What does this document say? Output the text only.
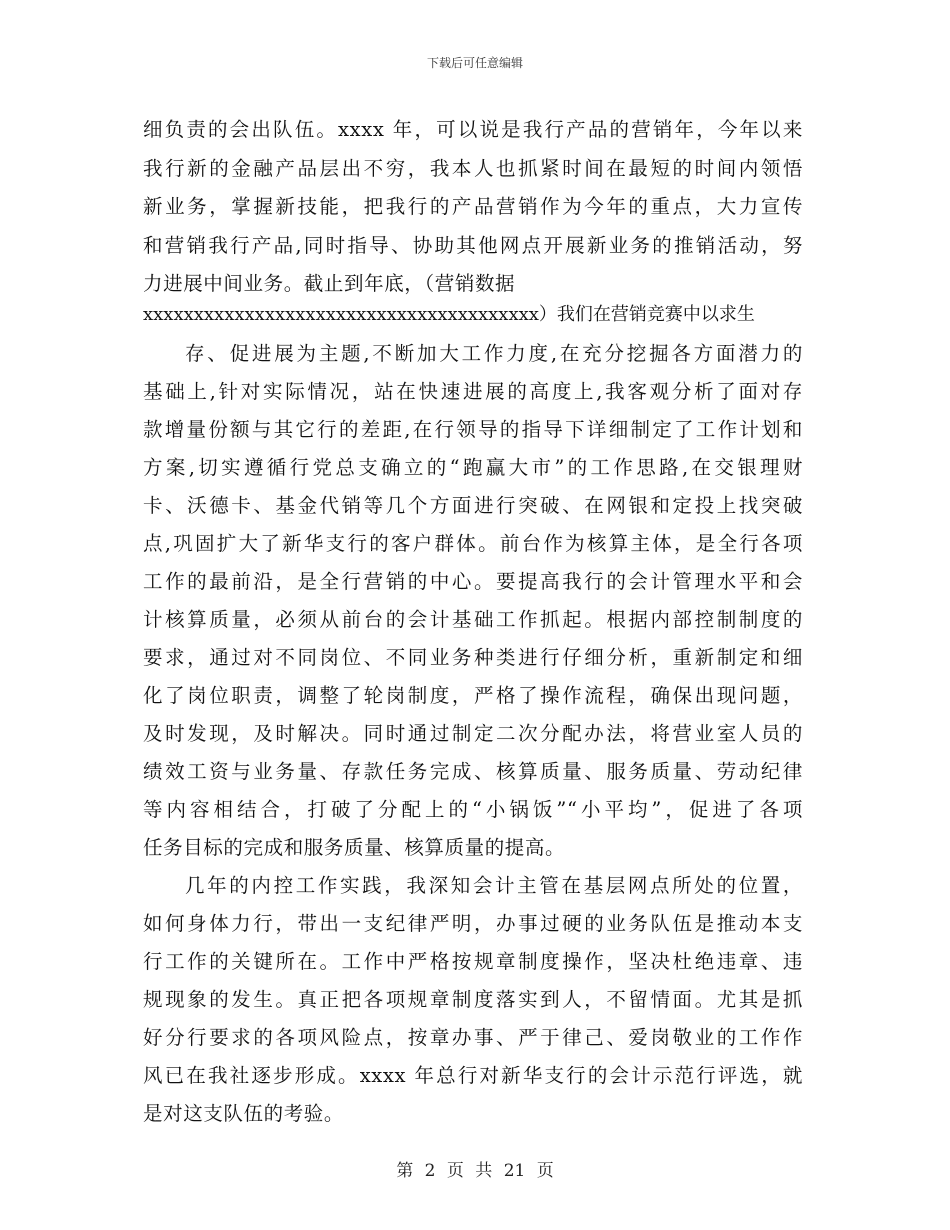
下载后可任意编辑
细负责的会出队伍。xxxx 年，可以说是我行产品的营销年，今年以来
我行新的金融产品层出不穷，我本人也抓紧时间在最短的时间内领悟
新业务，掌握新技能，把我行的产品营销作为今年的重点，大力宣传
和营销我行产品,同时指导、协助其他网点开展新业务的推销活动，努
力进展中间业务。截止到年底，（营销数据
xxxxxxxxxxxxxxxxxxxxxxxxxxxxxxxxxxxxxxx）我们在营销竞赛中以求生
存、促进展为主题,不断加大工作力度,在充分挖掘各方面潜力的
基础上,针对实际情况，站在快速进展的高度上,我客观分析了面对存
款增量份额与其它行的差距,在行领导的指导下详细制定了工作计划和
方案,切实遵循行党总支确立的“跑赢大市”的工作思路,在交银理财
卡、沃德卡、基金代销等几个方面进行突破、在网银和定投上找突破
点,巩固扩大了新华支行的客户群体。前台作为核算主体，是全行各项
工作的最前沿，是全行营销的中心。要提高我行的会计管理水平和会
计核算质量，必须从前台的会计基础工作抓起。根据内部控制制度的
要求，通过对不同岗位、不同业务种类进行仔细分析，重新制定和细
化了岗位职责，调整了轮岗制度，严格了操作流程，确保出现问题，
及时发现，及时解决。同时通过制定二次分配办法，将营业室人员的
绩效工资与业务量、存款任务完成、核算质量、服务质量、劳动纪律
等内容相结合，打破了分配上的“小锅饭”“小平均”，促进了各项
任务目标的完成和服务质量、核算质量的提高。
几年的内控工作实践，我深知会计主管在基层网点所处的位置，
如何身体力行，带出一支纪律严明，办事过硬的业务队伍是推动本支
行工作的关键所在。工作中严格按规章制度操作，坚决杜绝违章、违
规现象的发生。真正把各项规章制度落实到人，不留情面。尤其是抓
好分行要求的各项风险点，按章办事、严于律己、爱岗敬业的工作作
风已在我社逐步形成。xxxx 年总行对新华支行的会计示范行评选，就
是对这支队伍的考验。
第 2 页 共 21 页
